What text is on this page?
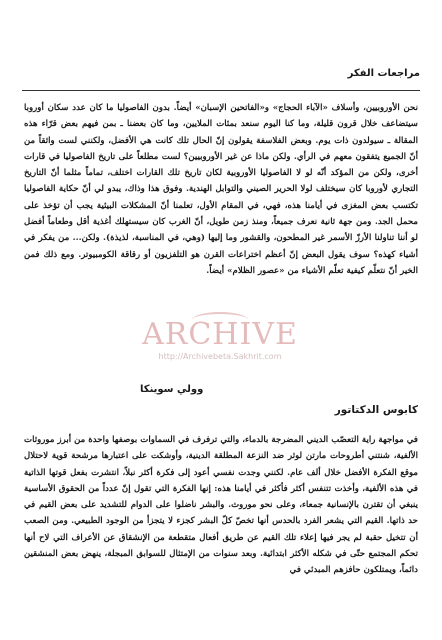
مراجعات الفكر
نحن الأوروبيين، وأسلاف «الآباء الحجاج» و«الفاتحين الإسبان» أيضاً. بدون الفاصوليا ما كان عدد سكان أوروبا سيتضاعف خلال قرون قليلة، وما كنا اليوم سنعد بمئات الملايين، وما كان بعضنا ـ بمن فيهم بعض قرّاء هذه المقالة ـ سيولدون ذات يوم. وبعض الفلاسفة يقولون إنّ الحال تلك كانت هي الأفضل، ولكنني لست واثقاً من أنّ الجميع يتفقون معهم في الرأي. ولكن ماذا عن غير الأوروبيين؟ لست مطلعاً على تاريخ الفاصوليا في قارات أخرى، ولكن من المؤكد أنّه لو لا الفاصوليا الأوروبية لكان تاريخ تلك القارات اختلف، تماماً مثلما أنّ التاريخ التجاري لأوروبا كان سيختلف لولا الحرير الصيني والتوابل الهندية. وفوق هذا وذاك، يبدو لي أنّ حكاية الفاصوليا تكتسب بعض المغزى في أيامنا هذه، فهي، في المقام الأول، تعلمنا أنّ المشكلات البيئية يجب أن تؤخذ على محمل الجد. ومن جهة ثانية نعرف جميعاً، ومنذ زمن طويل، أنّ الغرب كان سيستهلك أغذية أقل وطعاماً أفضل لو أننا تناولنا الأرزّ الأسمر غير المطحون، والقشور وما إليها (وهي، في المناسبة، لذيذة). ولكن... من يفكر في أشياء كهذه؟ سوف يقول البعض إنّ أعظم اختراعات القرن هو التلفزيون أو رقاقة الكومبيوتر. ومع ذلك فمن الخير أنّ نتعلّم كيفية تعلّم الأشياء من «عصور الظلام» أيضاً.
ARCHIVE
http://Archivebeta.Sakhrit.com
وولي سوينكا
كابوس الدكتاتور
في مواجهة راية التعصّب الديني المضرجة بالدماء، والتي ترفرف في السماوات بوصفها واحدة من أبرز موروثات الألفية، شنتني أطروحات مارتن لوثر ضد النزعة المطلقة الدينية، وأوشكت على اعتبارها مرشحة قوية لاحتلال موقع الفكرة الأفضل خلال ألف عام. لكنني وجدت نفسي أعود إلى فكرة أكثر نبلاً، انتشرت بفعل قوتها الذاتية في هذه الألفية، وأخذت تتنفس أكثر فأكثر في أيامنا هذه: إنها الفكرة التي تقول إنّ عدداً من الحقوق الأساسية ينبغي أن تقترن بالإنسانية جمعاء، وعلى نحو موروث. والبشر ناضلوا على الدوام للتشديد على بعض القيم في حد ذاتها. القيم التي يشعر الفرد بالحدس أنها تخصّ كلّ البشر كجزء لا يتجزأ من الوجود الطبيعي. ومن الصعب أن تتخيل حقبة لم يجر فيها إعلاء تلك القيم عن طريق أفعال متقطعة من الإنشقاق عن الأعراف التي لاح أنها تحكم المجتمع حتّى في شكله الأكثر ابتدائية. وبعد سنوات من الإمتثال للسوابق المبجلة، ينهض بعض المنشقين دائماً، ويمتلكون حافزهم المبدئي في
